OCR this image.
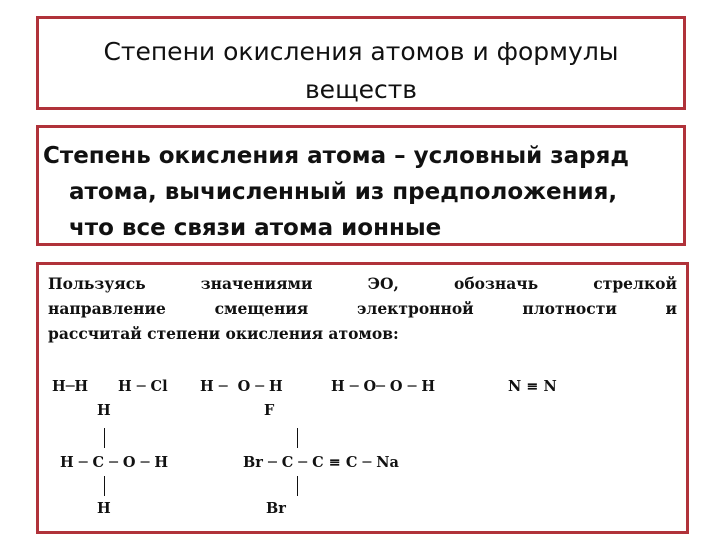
Степени окисления атомов и формулы
веществ
Степень окисления атома – условный заряд
атома, вычисленный из предположения,
что все связи атома ионные
Пользуясь значениями ЭО, обозначь стрелкой
направление смещения электронной плотности и
рассчитай степени окисления атомов:
H─H H ─ Cl H ─  O ─ H	H ─ O─ O ─ H	N ≡ N
H	F
H ─ C ─ O ─ H	Br ─ C ─ C ≡ C ─ Na
H	Br
